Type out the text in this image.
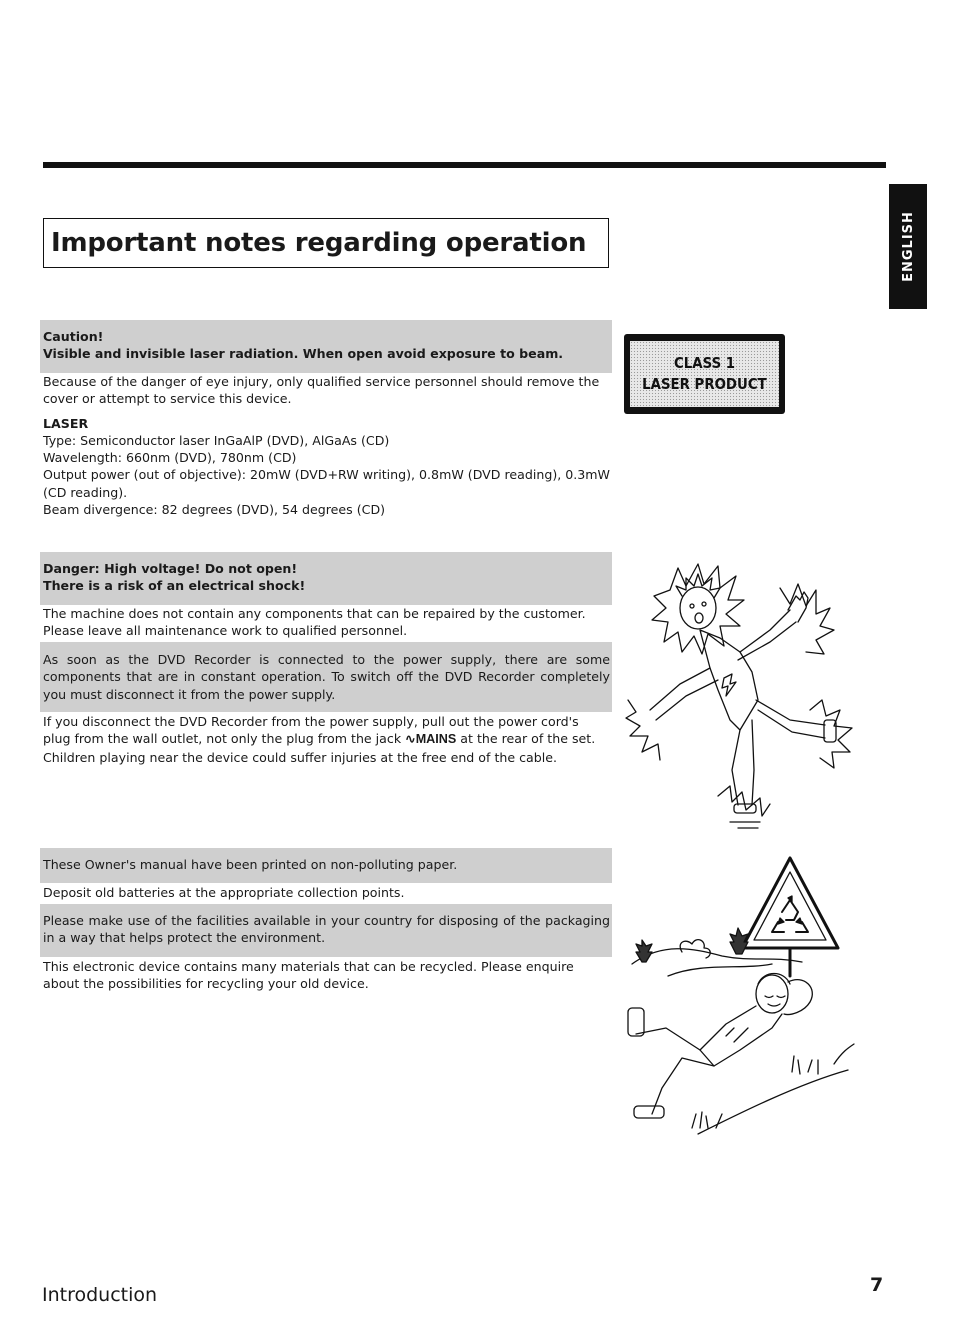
ENGLISH
Important notes regarding operation

Caution!

Visible and invisible laser radiation. When open avoid exposure to beam.

Because of the danger of eye injury, only qualified service personnel should remove the cover or attempt to service this device.

LASER

Type: Semiconductor laser InGaAlP (DVD), AlGaAs (CD)

Wavelength: 660nm (DVD), 780nm (CD)

Output power (out of objective): 20mW (DVD+RW writing), 0.8mW (DVD reading), 0.3mW (CD reading).

Beam divergence: 82 degrees (DVD), 54 degrees (CD)

CLASS 1
LASER PRODUCT

Danger: High voltage! Do not open!

There is a risk of an electrical shock!

The machine does not contain any components that can be repaired by the customer. Please leave all maintenance work to qualified personnel.

As soon as the DVD Recorder is connected to the power supply, there are some components that are in constant operation. To switch off the DVD Recorder completely you must disconnect it from the power supply.

If you disconnect the DVD Recorder from the power supply, pull out the power cord's plug from the wall outlet, not only the plug from the jack ∿MAINS at the rear of the set. Children playing near the device could suffer injuries at the free end of the cable.

These Owner's manual have been printed on non-polluting paper.

Deposit old batteries at the appropriate collection points.

Please make use of the facilities available in your country for disposing of the packaging in a way that helps protect the environment.

This electronic device contains many materials that can be recycled. Please enquire about the possibilities for recycling your old device.

Introduction	7
